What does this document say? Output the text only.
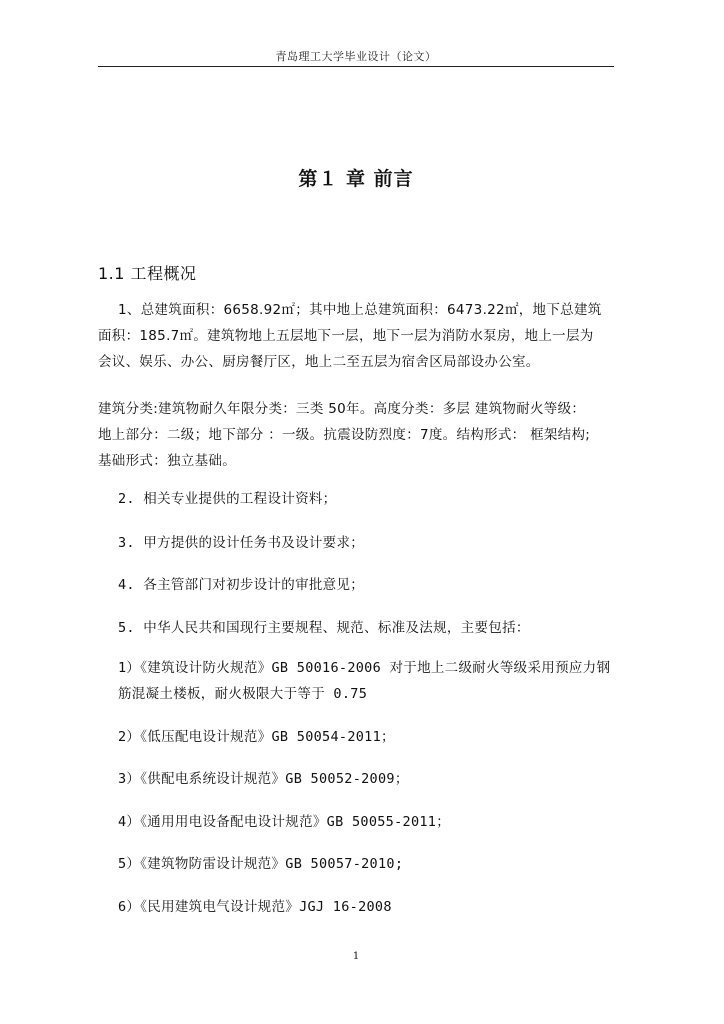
青岛理工大学毕业设计（论文）
第１ 章 前言
1.1 工程概况
1、总建筑面积：6658.92㎡；其中地上总建筑面积：6473.22㎡，地下总建筑
面积：185.7㎡。建筑物地上五层地下一层，地下一层为消防水泵房，地上一层为
会议、娱乐、办公、厨房餐厅区，地上二至五层为宿舍区局部设办公室。
建筑分类:建筑物耐久年限分类：三类 50年。高度分类：多层 建筑物耐火等级：
地上部分：二级；地下部分 ：一级。抗震设防烈度：7度。结构形式： 框架结构;
基础形式：独立基础。
2. 相关专业提供的工程设计资料；
3. 甲方提供的设计任务书及设计要求；
4. 各主管部门对初步设计的审批意见；
5. 中华人民共和国现行主要规程、规范、标准及法规，主要包括：
1）《建筑设计防火规范》GB 50016-2006 对于地上二级耐火等级采用预应力钢
筋混凝土楼板，耐火极限大于等于 0.75
2）《低压配电设计规范》GB 50054-2011；
3）《供配电系统设计规范》GB 50052-2009；
4）《通用用电设备配电设计规范》GB 50055-2011；
5）《建筑物防雷设计规范》GB 50057-2010;
6）《民用建筑电气设计规范》JGJ 16-2008
1
